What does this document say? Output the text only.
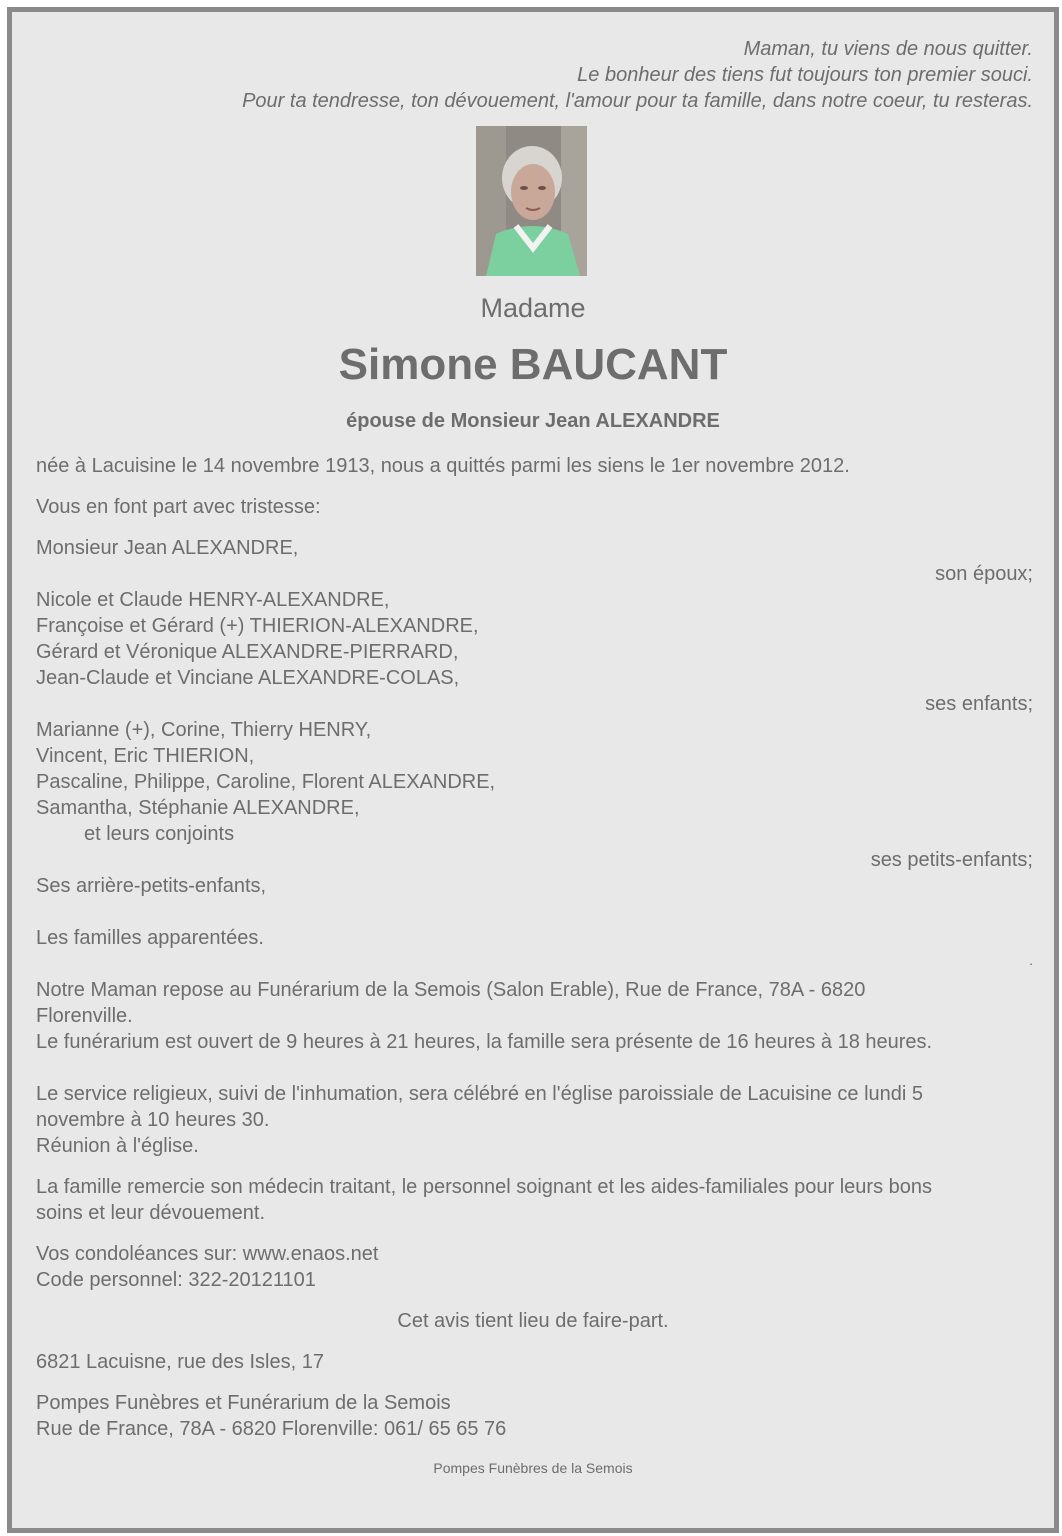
Maman, tu viens de nous quitter.
Le bonheur des tiens fut toujours ton premier souci.
Pour ta tendresse, ton dévouement, l'amour pour ta famille, dans notre coeur, tu resteras.
Madame
Simone BAUCANT
épouse de Monsieur Jean ALEXANDRE
née à Lacuisine le 14 novembre 1913, nous a quittés parmi les siens le 1er novembre 2012.
Vous en font part avec tristesse:
Monsieur Jean ALEXANDRE,
son époux;
Nicole et Claude HENRY-ALEXANDRE,
Françoise et Gérard (+) THIERION-ALEXANDRE,
Gérard et Véronique ALEXANDRE-PIERRARD,
Jean-Claude et Vinciane ALEXANDRE-COLAS,
ses enfants;
Marianne (+), Corine, Thierry HENRY,
Vincent, Eric THIERION,
Pascaline, Philippe, Caroline, Florent ALEXANDRE,
Samantha, Stéphanie ALEXANDRE,
et leurs conjoints
ses petits-enfants;
Ses arrière-petits-enfants,
Les familles apparentées.
.
Notre Maman repose au Funérarium de la Semois (Salon Erable), Rue de France, 78A - 6820
Florenville.
Le funérarium est ouvert de 9 heures à 21 heures, la famille sera présente de 16 heures à 18 heures.
Le service religieux, suivi de l'inhumation, sera célébré en l'église paroissiale de Lacuisine ce lundi 5
novembre à 10 heures 30.
Réunion à l'église.
La famille remercie son médecin traitant, le personnel soignant et les aides-familiales pour leurs bons
soins et leur dévouement.
Vos condoléances sur: www.enaos.net
Code personnel: 322-20121101
Cet avis tient lieu de faire-part.
6821 Lacuisne, rue des Isles, 17
Pompes Funèbres et Funérarium de la Semois
Rue de France, 78A - 6820 Florenville: 061/ 65 65 76
Pompes Funèbres de la Semois
